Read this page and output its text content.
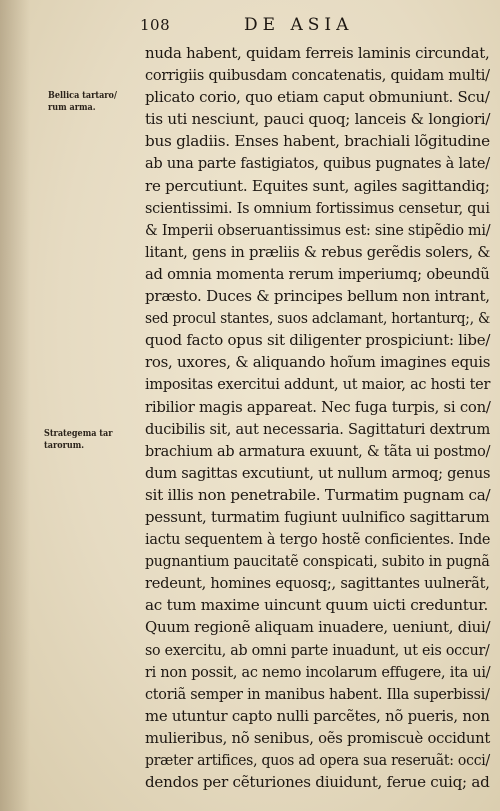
108	DE ASIA
Bellica tartaro/
rum arma.
Strategema tar
tarorum.
nuda habent, quidam ferreis laminis circundat,
corrigiis quibusdam concatenatis, quidam multi/
plicato corio, quo etiam caput obmuniunt. Scu/
tis uti nesciunt, pauci quoq; lanceis & longiori/
bus gladiis. Enses habent, brachiali lõgitudine
ab una parte fastigiatos, quibus pugnates à late/
re percutiunt. Equites sunt, agiles sagittandiq;
scientissimi. Is omnium fortissimus censetur, qui
& Imperii obseruantissimus est: sine stipẽdio mi/
litant, gens in præliis & rebus gerẽdis solers, &
ad omnia momenta rerum imperiumq; obeundũ
præsto. Duces & principes bellum non intrant,
sed procul stantes, suos adclamant, hortanturq;, &
quod facto opus sit diligenter prospiciunt: libe/
ros, uxores, & aliquando hoĩum imagines equis
impositas exercitui addunt, ut maior, ac hosti ter
ribilior magis appareat. Nec fuga turpis, si con/
ducibilis sit, aut necessaria. Sagittaturi dextrum
brachium ab armatura exuunt, & tãta ui postmo/
dum sagittas excutiunt, ut nullum armoq; genus
sit illis non penetrabile. Turmatim pugnam ca/
pessunt, turmatim fugiunt uulnifico sagittarum
iactu sequentem à tergo hostẽ conficientes. Inde
pugnantium paucitatẽ conspicati, subito in pugnã
redeunt, homines equosq;, sagittantes uulnerãt,
ac tum maxime uincunt quum uicti creduntur.
Quum regionẽ aliquam inuadere, ueniunt, diui/
so exercitu, ab omni parte inuadunt, ut eis occur/
ri non possit, ac nemo incolarum effugere, ita ui/
ctoriã semper in manibus habent. Illa superbissi/
me utuntur capto nulli parcẽtes, nõ pueris, non
mulieribus, nõ senibus, oẽs promiscuè occidunt
præter artifices, quos ad opera sua reseruãt: occi/
dendos per cẽturiones diuidunt, ferue cuiq; ad
